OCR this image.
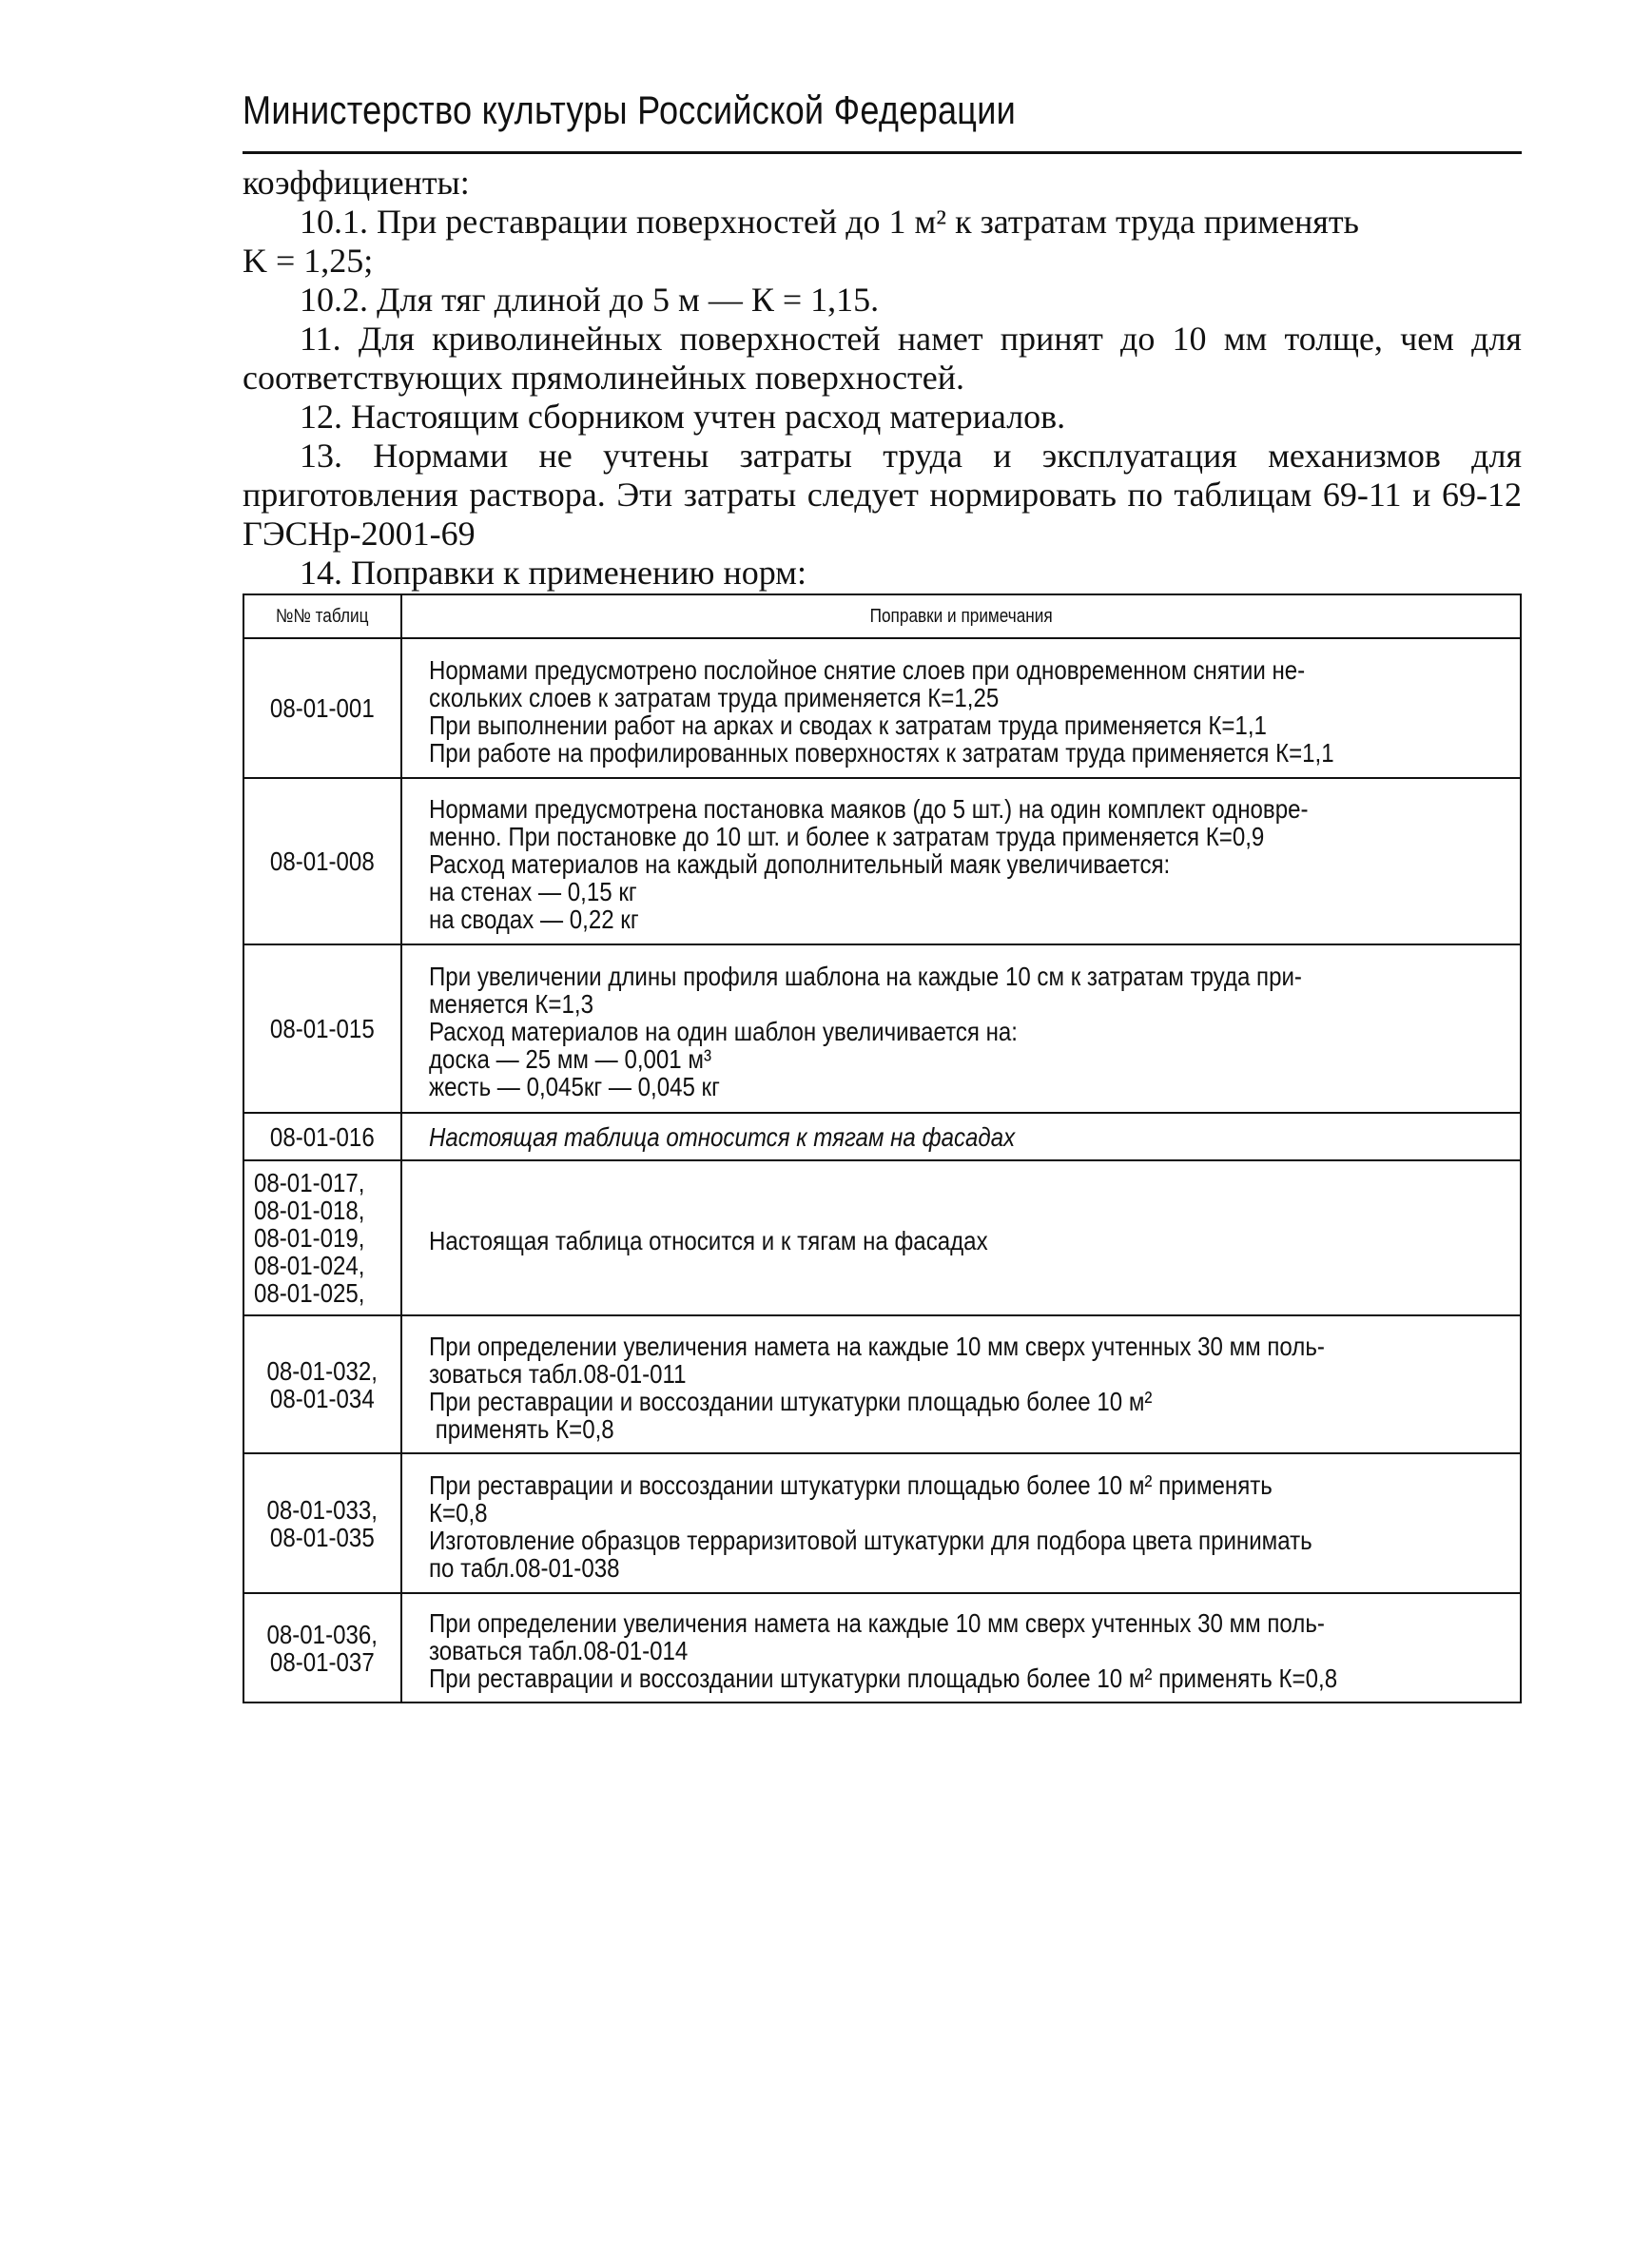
Министерство культуры Российской Федерации

коэффициенты:

10.1. При реставрации поверхностей до 1 м² к затратам труда применять

K = 1,25;

10.2. Для тяг длиной до 5 м — К = 1,15.

11. Для криволинейных поверхностей намет принят до 10 мм толще, чем для соответствующих прямолинейных поверхностей.

12. Настоящим сборником учтен расход материалов.

13. Нормами не учтены затраты труда и эксплуатация механизмов для приготовления раствора. Эти затраты следует нормировать по таблицам 69-11 и 69-12 ГЭСНр-2001-69

14. Поправки к применению норм:

№№ таблиц	Поправки и примечания
08-01-001	Нормами предусмотрено послойное снятие слоев при одновременном снятии не-
скольких слоев к затратам труда применяется К=1,25
При выполнении работ на арках и сводах к затратам труда применяется К=1,1
При работе на профилированных поверхностях к затратам труда применяется К=1,1

08-01-008	Нормами предусмотрена постановка маяков (до 5 шт.) на один комплект одновре-
менно. При постановке до 10 шт. и более к затратам труда применяется К=0,9
Расход материалов на каждый дополнительный маяк увеличивается:
на стенах — 0,15 кг
на сводах — 0,22 кг

08-01-015	При увеличении длины профиля шаблона на каждые 10 см к затратам труда при-
меняется К=1,3
Расход материалов на один шаблон увеличивается на:
доска — 25 мм — 0,001 м³
жесть — 0,045кг — 0,045 кг

08-01-016	Настоящая таблица относится к тягам на фасадах

08-01-017,
08-01-018,
08-01-019,
08-01-024,
08-01-025,	Настоящая таблица относится и к тягам на фасадах

08-01-032,
08-01-034	При определении увеличения намета на каждые 10 мм сверх учтенных 30 мм поль-
зоваться табл.08-01-011
При реставрации и воссоздании штукатурки площадью более 10 м²
применять К=0,8

08-01-033,
08-01-035	При реставрации и воссоздании штукатурки площадью более 10 м² применять
К=0,8
Изготовление образцов терраризитовой штукатурки для подбора цвета принимать
по табл.08-01-038

08-01-036,
08-01-037	При определении увеличения намета на каждые 10 мм сверх учтенных 30 мм поль-
зоваться табл.08-01-014
При реставрации и воссоздании штукатурки площадью более 10 м² применять К=0,8
